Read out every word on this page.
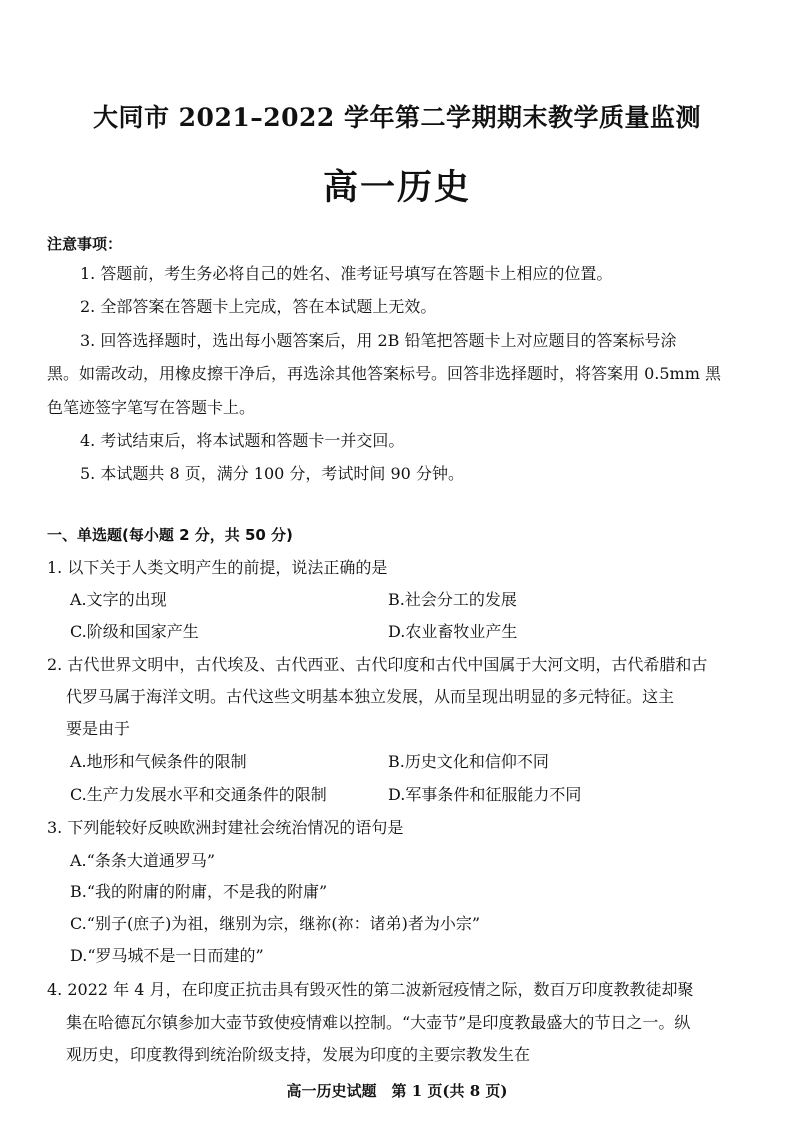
大同市 2021–2022 学年第二学期期末教学质量监测
高一历史

注意事项：

1. 答题前，考生务必将自己的姓名、准考证号填写在答题卡上相应的位置。

2. 全部答案在答题卡上完成，答在本试题上无效。

3. 回答选择题时，选出每小题答案后，用 2B 铅笔把答题卡上对应题目的答案标号涂

黑。如需改动，用橡皮擦干净后，再选涂其他答案标号。回答非选择题时，将答案用 0.5mm 黑

色笔迹签字笔写在答题卡上。

4. 考试结束后，将本试题和答题卡一并交回。

5. 本试题共 8 页，满分 100 分，考试时间 90 分钟。

一、单选题(每小题 2 分，共 50 分)

1. 以下关于人类文明产生的前提，说法正确的是

A.文字的出现	B.社会分工的发展

C.阶级和国家产生	D.农业畜牧业产生

2. 古代世界文明中，古代埃及、古代西亚、古代印度和古代中国属于大河文明，古代希腊和古

代罗马属于海洋文明。古代这些文明基本独立发展，从而呈现出明显的多元特征。这主

要是由于

A.地形和气候条件的限制	B.历史文化和信仰不同

C.生产力发展水平和交通条件的限制	D.军事条件和征服能力不同

3. 下列能较好反映欧洲封建社会统治情况的语句是

A.“条条大道通罗马”

B.“我的附庸的附庸，不是我的附庸”

C.“别子(庶子)为祖，继别为宗，继祢(祢：诸弟)者为小宗”

D.“罗马城不是一日而建的”

4. 2022 年 4 月，在印度正抗击具有毁灭性的第二波新冠疫情之际，数百万印度教教徒却聚

集在哈德瓦尔镇参加大壶节致使疫情难以控制。“大壶节”是印度教最盛大的节日之一。纵

观历史，印度教得到统治阶级支持，发展为印度的主要宗教发生在

高一历史试题　第 1 页(共 8 页)
